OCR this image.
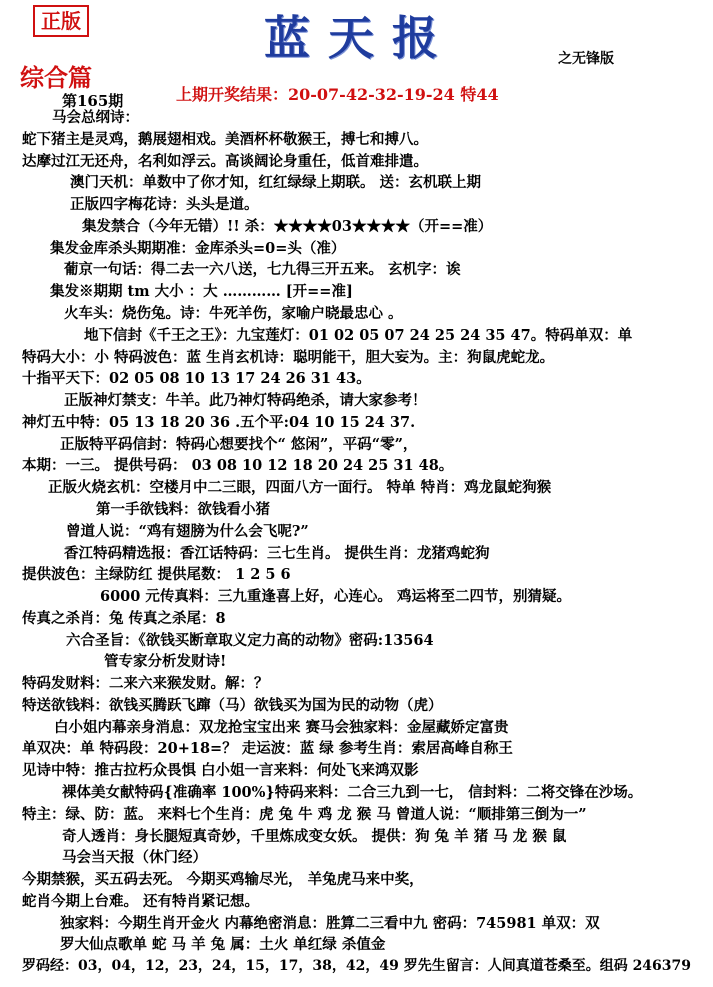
正版	蓝天报	之无锋版
综合篇
第165期	上期开奖结果：20-07-42-32-19-24 特44
马会总纲诗：
蛇下猪主是灵鸡，鹅展翅相戏。美酒杯杯敬猴王，搏七和搏八。
达摩过江无还舟，名利如浮云。高谈阔论身重任，低首难排遣。
澳门天机：单数中了你才知，红红绿绿上期联。 送：玄机联上期
正版四字梅花诗：头头是道。
集发禁合（今年无错）!! 杀：★★★★03★★★★（开==准）
集发金库杀头期期准：金库杀头=0=头（准）
葡京一句话：得二去一六八送，七九得三开五来。 玄机字：诶
集发※期期 tm 大小 ：大 ………… [开==准]
火车头：烧伤兔。诗：牛死羊伤，家喻户晓最忠心 。
地下信封《千王之王》：九宝莲灯：01 02 05 07 24 25 24 35 47。特码单双：单
特码大小：小 特码波色：蓝 生肖玄机诗：聪明能干，胆大妄为。主：狗鼠虎蛇龙。
十指平天下：02 05 08 10 13 17 24 26 31 43。
正版神灯禁支：牛羊。此乃神灯特码绝杀，请大家参考！
神灯五中特：05 13 18 20 36 .五个平:04 10 15 24 37.
正版特平码信封：特码心想要找个“ 悠闲”，平码“零”，
本期：一三。 提供号码： 03 08 10 12 18 20 24 25 31 48。
正版火烧玄机：空楼月中二三眼，四面八方一面行。 特单 特肖：鸡龙鼠蛇狗猴
第一手欲钱料：欲钱看小猪
曾道人说：“鸡有翅膀为什么会飞呢?”
香江特码精选报：香江话特码：三七生肖。 提供生肖：龙猪鸡蛇狗
提供波色：主绿防红 提供尾数： 1 2 5 6
6000 元传真料：三九重逢喜上好，心连心。 鸡运将至二四节，别猜疑。
传真之杀肖：兔 传真之杀尾：8
六合圣旨：《欲钱买断章取义定力高的动物》密码:13564
管专家分析发财诗!
特码发财料：二来六来猴发财。解：？
特送欲钱料：欲钱买腾跃飞蹿（马）欲钱买为国为民的动物（虎）
白小姐内幕亲身消息：双龙抢宝宝出来 赛马会独家料：金屋藏娇定富贵
单双决：单 特码段：20+18=？ 走运波：蓝 绿 参考生肖：索居高峰自称王
见诗中特：推古拉朽众畏惧 白小姐一言来料：何处飞来鸿双影
裸体美女献特码{准确率 100%}特码来料：二合三九到一七， 信封料：二将交锋在沙场。
特主：绿、防：蓝。 来料七个生肖：虎 兔 牛 鸡 龙 猴 马 曾道人说：“顺排第三倒为一”
奇人透肖：身长腿短真奇妙，千里炼成变女妖。 提供：狗 兔 羊 猪 马 龙 猴 鼠
马会当天报（休门经）
今期禁猴，买五码去死。 今期买鸡输尽光， 羊兔虎马来中奖，
蛇肖今期上台难。 还有特肖紧记想。
独家料：今期生肖开金火 内幕绝密消息：胜算二三看中九 密码：745981 单双：双
罗大仙点歌单 蛇 马 羊 兔 属：土火 单红绿 杀值金
罗码经：03，04，12，23，24，15，17，38，42，49 罗先生留言：人间真道苍桑至。组码 246379
